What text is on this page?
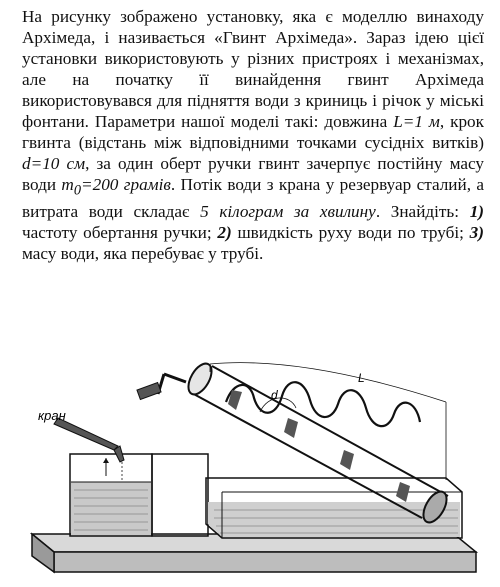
На рисунку зображено установку, яка є моделлю винаходу Архімеда, і називається «Гвинт Архімеда». Зараз ідею цієї установки використовують у різних пристроях і механізмах, але на початку її винайдення гвинт Архімеда використовувався для підняття води з криниць і річок у міські фонтани. Параметри нашої моделі такі: довжина L=1 м, крок гвинта (відстань між відповідними точками сусідніх витків) d=10 см, за один оберт ручки гвинт зачерпує постійну масу води $m_0=200$ грамів. Потік води з крана у резервуар сталий, а витрата води складає 5 кілограм за хвилину. Знайдіть: 1) частоту обертання ручки; 2) швидкість руху води по трубі; 3) масу води, яка перебуває у трубі.
кран
d
L
